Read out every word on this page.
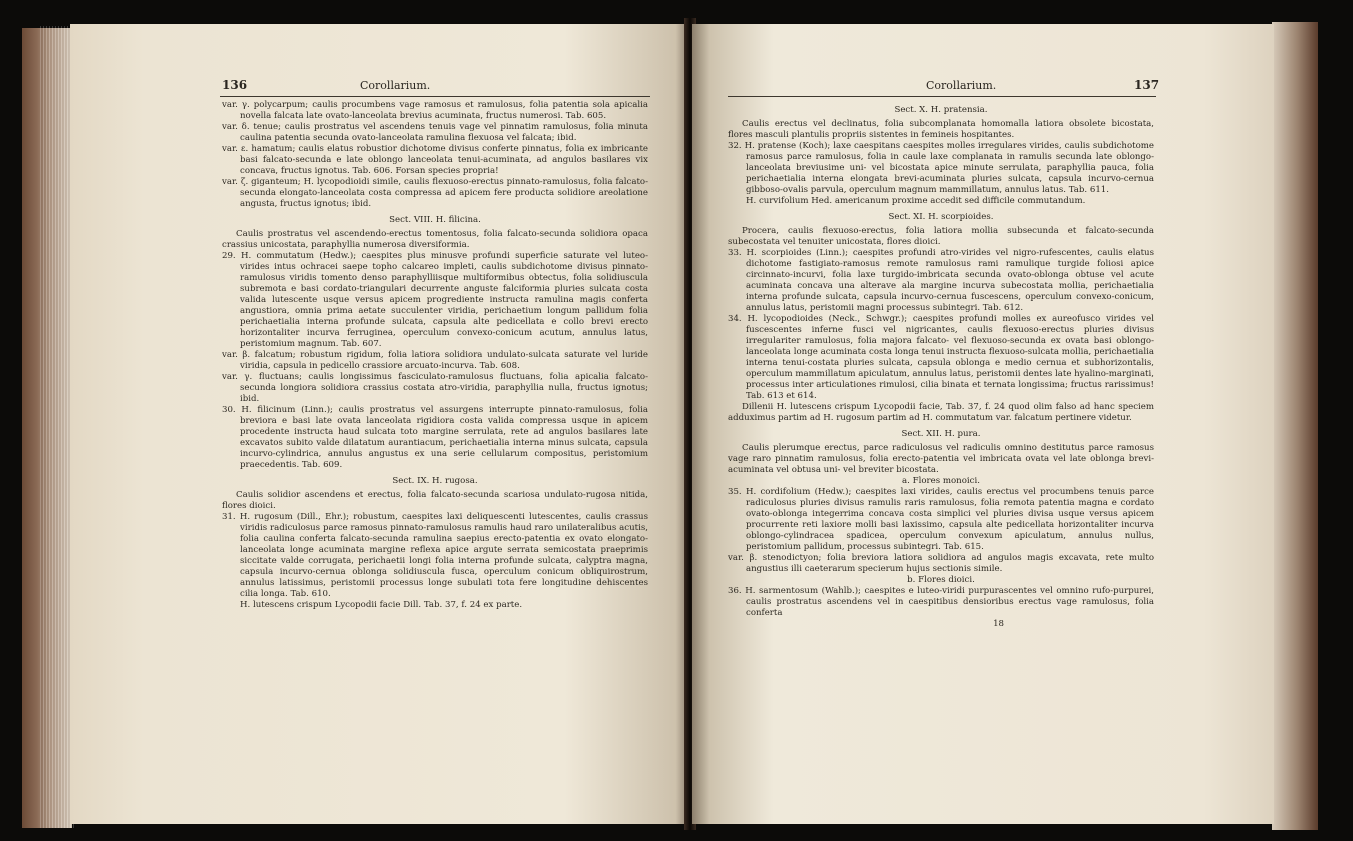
136	Corollarium.

var. γ. polycarpum; caulis procumbens vage ramosus et ramulosus, folia patentia sola apicalia novella falcata late ovato-lanceolata brevius acuminata, fructus numerosi. Tab. 605.

var. δ. tenue; caulis prostratus vel ascendens tenuis vage vel pinnatim ramulosus, folia minuta caulina patentia secunda ovato-lanceolata ramulina flexuosa vel falcata; ibid.

var. ε. hamatum; caulis elatus robustior dichotome divisus conferte pinnatus, folia ex imbricante basi falcato-secunda e late oblongo lanceolata tenui-acuminata, ad angulos basilares vix concava, fructus ignotus. Tab. 606. Forsan species propria!

var. ζ. giganteum; H. lycopodioidi simile, caulis flexuoso-erectus pinnato-ramulosus, folia falcato-secunda elongato-lanceolata costa compressa ad apicem fere producta solidiore areolatione angusta, fructus ignotus; ibid.

Sect. VIII. H. filicina.

Caulis prostratus vel ascendendo-erectus tomentosus, folia falcato-secunda solidiora opaca crassius unicostata, paraphyllia numerosa diversiformia.

29. H. commutatum (Hedw.); caespites plus minusve profundi superficie saturate vel luteo-virides intus ochracei saepe topho calcareo impleti, caulis subdichotome divisus pinnato-ramulosus viridis tomento denso paraphylliisque multiformibus obtectus, folia solidiuscula subremota e basi cordato-triangulari decurrente anguste falciformia pluries sulcata costa valida lutescente usque versus apicem progrediente instructa ramulina magis conferta angustiora, omnia prima aetate succulenter viridia, perichaetium longum pallidum folia perichaetialia interna profunde sulcata, capsula alte pedicellata e collo brevi erecto horizontaliter incurva ferruginea, operculum convexo-conicum acutum, annulus latus, peristomium magnum. Tab. 607.

var. β. falcatum; robustum rigidum, folia latiora solidiora undulato-sulcata saturate vel luride viridia, capsula in pedicello crassiore arcuato-incurva. Tab. 608.

var. γ. fluctuans; caulis longissimus fasciculato-ramulosus fluctuans, folia apicalia falcato-secunda longiora solidiora crassius costata atro-viridia, paraphyllia nulla, fructus ignotus; ibid.

30. H. filicinum (Linn.); caulis prostratus vel assurgens interrupte pinnato-ramulosus, folia breviora e basi late ovata lanceolata rigidiora costa valida compressa usque in apicem procedente instructa haud sulcata toto margine serrulata, rete ad angulos basilares late excavatos subito valde dilatatum aurantiacum, perichaetialia interna minus sulcata, capsula incurvo-cylindrica, annulus angustus ex una serie cellularum compositus, peristomium praecedentis. Tab. 609.

Sect. IX. H. rugosa.

Caulis solidior ascendens et erectus, folia falcato-secunda scariosa undulato-rugosa nitida, flores dioici.

31. H. rugosum (Dill., Ehr.); robustum, caespites laxi deliquescenti lutescentes, caulis crassus viridis radiculosus parce ramosus pinnato-ramulosus ramulis haud raro unilateralibus acutis, folia caulina conferta falcato-secunda ramulina saepius erecto-patentia ex ovato elongato-lanceolata longe acuminata margine reflexa apice argute serrata semicostata praeprimis siccitate valde corrugata, perichaetii longi folia interna profunde sulcata, calyptra magna, capsula incurvo-cernua oblonga solidiuscula fusca, operculum conicum obliquirostrum, annulus latissimus, peristomii processus longe subulati tota fere longitudine dehiscentes cilia longa. Tab. 610.

H. lutescens crispum Lycopodii facie Dill. Tab. 37, f. 24 ex parte.

Corollarium.	137

Sect. X. H. pratensia.

Caulis erectus vel declinatus, folia subcomplanata homomalla latiora obsolete bicostata, flores masculi plantulis propriis sistentes in femineis hospitantes.

32. H. pratense (Koch); laxe caespitans caespites molles irregulares virides, caulis subdichotome ramosus parce ramulosus, folia in caule laxe complanata in ramulis secunda late oblongo-lanceolata breviusime uni- vel bicostata apice minute serrulata, paraphyllia pauca, folia perichaetialia interna elongata brevi-acuminata pluries sulcata, capsula incurvo-cernua gibboso-ovalis parvula, operculum magnum mammillatum, annulus latus. Tab. 611.

H. curvifolium Hed. americanum proxime accedit sed difficile commutandum.

Sect. XI. H. scorpioides.

Procera, caulis flexuoso-erectus, folia latiora mollia subsecunda et falcato-secunda subecostata vel tenuiter unicostata, flores dioici.

33. H. scorpioides (Linn.); caespites profundi atro-virides vel nigro-rufescentes, caulis elatus dichotome fastigiato-ramosus remote ramulosus rami ramulique turgide foliosi apice circinnato-incurvi, folia laxe turgido-imbricata secunda ovato-oblonga obtuse vel acute acuminata concava una alterave ala margine incurva subecostata mollia, perichaetialia interna profunde sulcata, capsula incurvo-cernua fuscescens, operculum convexo-conicum, annulus latus, peristomii magni processus subintegri. Tab. 612.

34. H. lycopodioides (Neck., Schwgr.); caespites profundi molles ex aureofusco virides vel fuscescentes inferne fusci vel nigricantes, caulis flexuoso-erectus pluries divisus irregulariter ramulosus, folia majora falcato- vel flexuoso-secunda ex ovata basi oblongo-lanceolata longe acuminata costa longa tenui instructa flexuoso-sulcata mollia, perichaetialia interna tenui-costata pluries sulcata, capsula oblonga e medio cernua et subhorizontalis, operculum mammillatum apiculatum, annulus latus, peristomii dentes late hyalino-marginati, processus inter articulationes rimulosi, cilia binata et ternata longissima; fructus rarissimus! Tab. 613 et 614.

Dillenii H. lutescens crispum Lycopodii facie, Tab. 37, f. 24 quod olim falso ad hanc speciem adduximus partim ad H. rugosum partim ad H. commutatum var. falcatum pertinere videtur.

Sect. XII. H. pura.

Caulis plerumque erectus, parce radiculosus vel radiculis omnino destitutus parce ramosus vage raro pinnatim ramulosus, folia erecto-patentia vel imbricata ovata vel late oblonga brevi-acuminata vel obtusa uni- vel breviter bicostata.

a. Flores monoici.

35. H. cordifolium (Hedw.); caespites laxi virides, caulis erectus vel procumbens tenuis parce radiculosus pluries divisus ramulis raris ramulosus, folia remota patentia magna e cordato ovato-oblonga integerrima concava costa simplici vel pluries divisa usque versus apicem procurrente reti laxiore molli basi laxissimo, capsula alte pedicellata horizontaliter incurva oblongo-cylindracea spadicea, operculum convexum apiculatum, annulus nullus, peristomium pallidum, processus subintegri. Tab. 615.

var. β. stenodictyon; folia breviora latiora solidiora ad angulos magis excavata, rete multo angustius illi caeterarum specierum hujus sectionis simile.

b. Flores dioici.

36. H. sarmentosum (Wahlb.); caespites e luteo-viridi purpurascentes vel omnino rufo-purpurei, caulis prostratus ascendens vel in caespitibus densioribus erectus vage ramulosus, folia conferta

18
